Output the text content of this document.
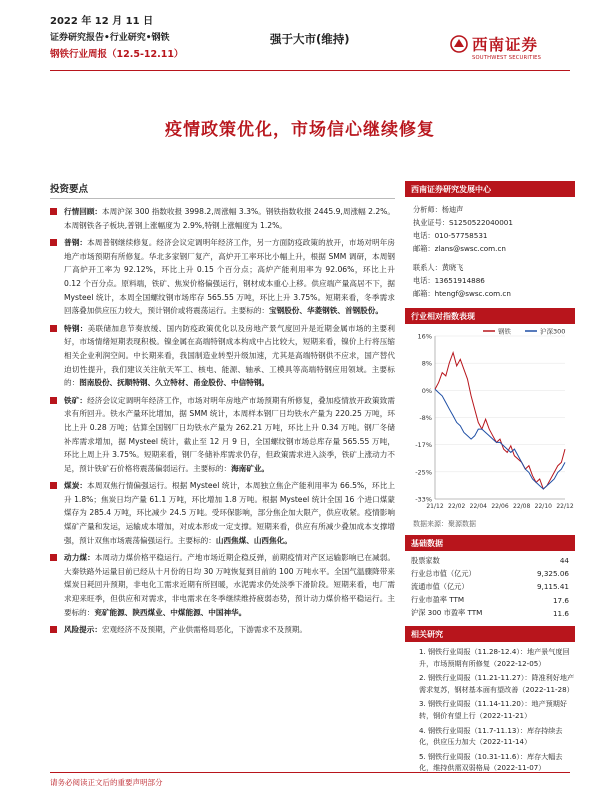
2022 年 12 月 11 日
证券研究报告•行业研究•钢铁
钢铁行业周报（12.5-12.11）
强于大市(维持)	西南证券
SOUTHWEST SECURITIES
疫情政策优化，市场信心继续修复
投资要点
行情回顾：本周沪深 300 指数收报 3998.2,周涨幅 3.3%。钢铁指数收报 2445.9,周涨幅 2.2%。本周钢铁各子板块,普钢上涨幅度为 2.9%,特钢上涨幅度为 1.2%。
普钢：本周普钢继续修复。经济会议定调明年经济工作，另一方面防疫政策的放开，市场对明年房地产市场预期有所修复。华北多家钢厂复产，高炉开工率环比小幅上升，根据 SMM 调研，本周钢厂高炉开工率为 92.12%，环比上升 0.15 个百分点；高炉产能利用率为 92.06%，环比上升 0.12 个百分点。原料端，铁矿、焦炭价格偏强运行，钢材成本重心上移。供应端产量高居不下，据 Mysteel 统计，本周全国螺纹钢市场库存 565.55 万吨，环比上升 3.75%。短期来看，冬季需求回落叠加供应压力较大，预计钢价或将震荡运行。主要标的：宝钢股份、华菱钢铁、首钢股份。
特钢：美联储加息节奏放缓、国内防疫政策优化以及房地产景气度回升是近期金属市场的主要利好，市场情绪短期表现积极。镍金属在高端特钢成本构成中占比较大，短期来看，镍价上行将压缩相关企业利润空间。中长期来看，我国制造业转型升级加速，尤其是高端特钢供不应求，国产替代迫切性提升，我们建议关注航天军工、核电、能源、轴承、工模具等高端特钢应用领域。主要标的：图南股份、抚顺特钢、久立特材、甬金股份、中信特钢。
铁矿：经济会议定调明年经济工作，市场对明年房地产市场预期有所修复，叠加疫情放开政策致需求有所回升。铁水产量环比增加，据 SMM 统计，本周样本钢厂日均铁水产量为 220.25 万吨，环比上升 0.28 万吨；估算全国钢厂日均铁水产量为 262.21 万吨，环比上升 0.34 万吨。钢厂冬储补库需求增加，据 Mysteel 统计，截止至 12 月 9 日，全国螺纹钢市场总库存量 565.55 万吨，环比上周上升 3.75%。短期来看，钢厂冬储补库需求仍存，但政策需求进入淡季，铁矿上涨动力不足，预计铁矿石价格将震荡偏弱运行。主要标的：海南矿业。
煤炭：本周双焦行情偏强运行。根据 Mysteel 统计，本周独立焦企产能利用率为 66.5%，环比上升 1.8%；焦炭日均产量 61.1 万吨，环比增加 1.8 万吨。根据 Mysteel 统计全国 16 个进口煤蒙煤存为 285.4 万吨，环比减少 24.5 万吨。受环保影响，部分焦企加大限产，供应收紧。疫情影响煤矿产量和发运，运输成本增加，对成本形成一定支撑。短期来看，供应有所减少叠加成本支撑增强，预计双焦市场震荡偏强运行。主要标的：山西焦煤、山西焦化。
动力煤：本周动力煤价格平稳运行。产地市场近期企稳反弹，前期疫情对产区运输影响已在减弱。大秦铁路外运量目前已经从十月份的日均 30 万吨恢复到目前的 100 万吨水平。全国气温骤降带来煤炭日耗回升预期，非电化工需求近期有所回暖，水泥需求仍处淡季下滑阶段。短期来看，电厂需求迎来旺季，但供应和对需求，非电需求在冬季继续维持疲弱态势，预计动力煤价格平稳运行。主要标的：兖矿能源、陕西煤业、中煤能源、中国神华。
风险提示：宏观经济不及预期，产业供需格局恶化，下游需求不及预期。
西南证券研究发展中心
分析师：杨迪声
执业证号：S1250522040001
电话：010-57758531
邮箱：zlans@swsc.com.cn
联系人：黄晓飞
电话：13651914886
邮箱：htengf@swsc.com.cn
行业相对指数表现
16%
8%
0%
-8%
-17%
-25%
-33%
21/12 22/02 22/04 22/06 22/08 22/10 22/12
钢铁	沪深300
数据来源：聚源数据
基础数据
股票家数	44
行业总市值（亿元）	9,325.06
流通市值（亿元）	9,115.41
行业市盈率 TTM	17.6
沪深 300 市盈率 TTM	11.6
相关研究
1. 钢铁行业周报（11.28-12.4）：地产景气度回升，市场预期有所修复（2022-12-05）
2. 钢铁行业周报（11.21-11.27）：降准利好地产需求复苏，钢材基本面有望改善（2022-11-28）
3. 钢铁行业周报（11.14-11.20）：地产预期好转，钢价有望上行（2022-11-21）
4. 钢铁行业周报（11.7-11.13）：库存持续去化，供应压力加大（2022-11-14）
5. 钢铁行业周报（10.31-11.6）：库存大幅去化，维持供需双弱格局（2022-11-07）
请务必阅读正文后的重要声明部分
